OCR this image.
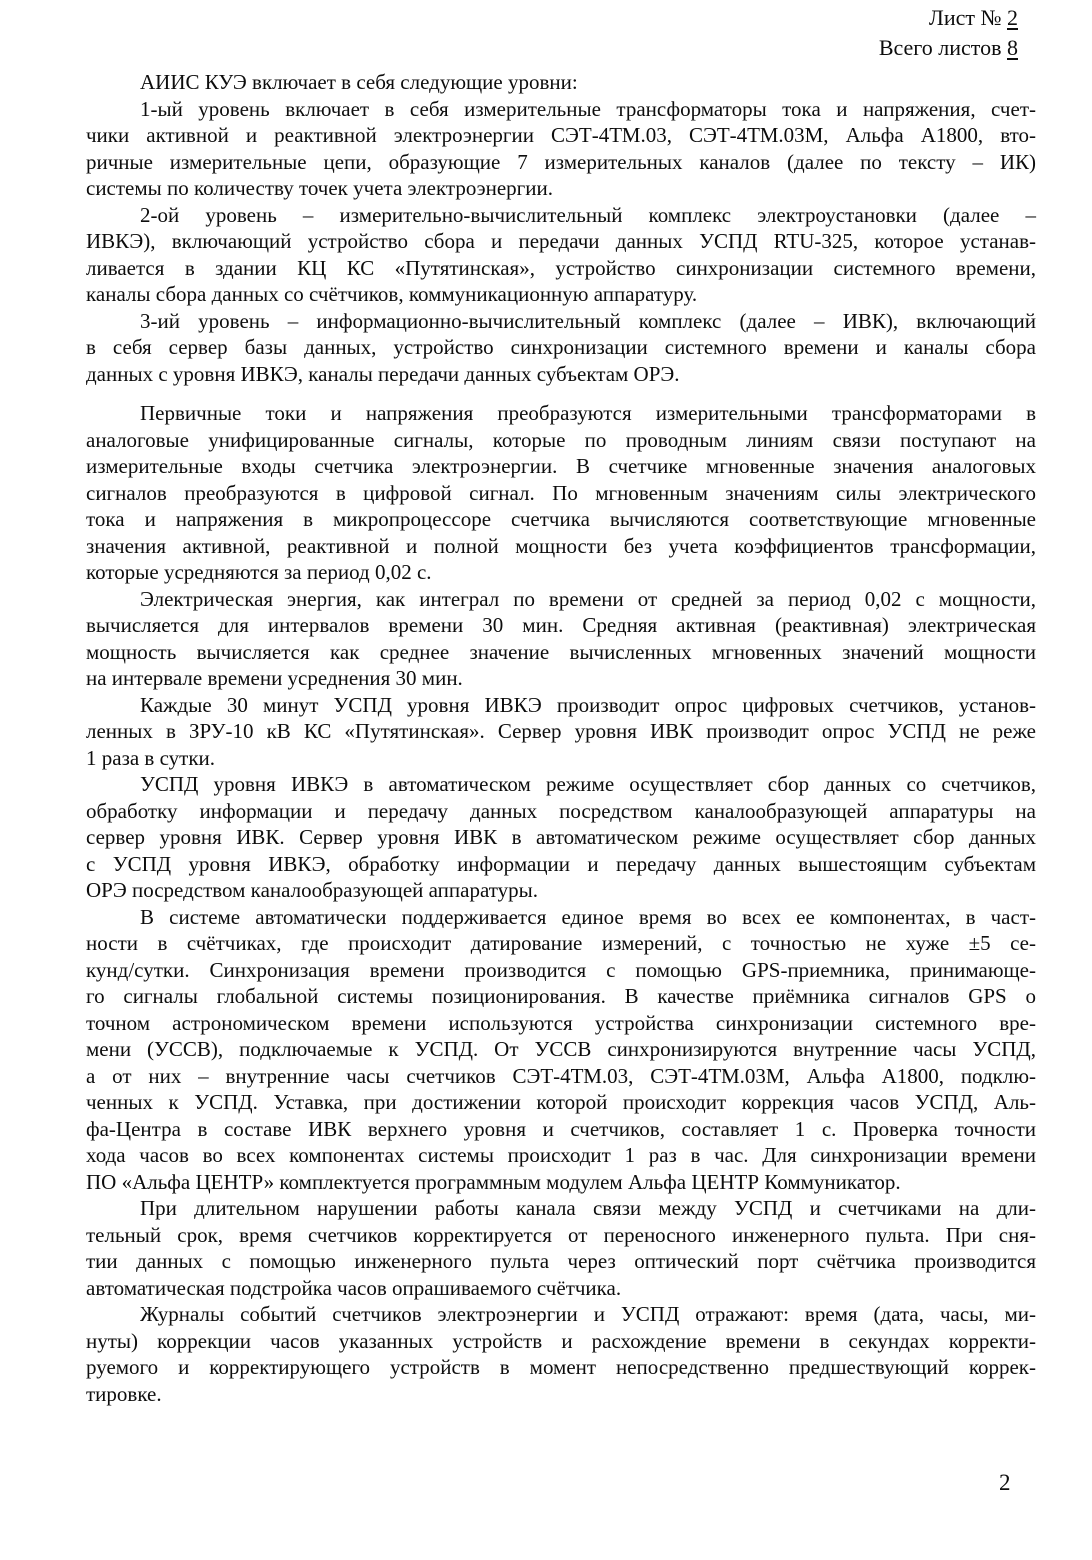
Лист № 2
Всего листов 8
АИИС КУЭ включает в себя следующие уровни:
1-ый уровень включает в себя измерительные трансформаторы тока и напряжения, счет-
чики активной и реактивной электроэнергии СЭТ-4ТМ.03, СЭТ-4ТМ.03М, Альфа А1800, вто-
ричные измерительные цепи, образующие 7 измерительных каналов (далее по тексту – ИК)
системы по количеству точек учета электроэнергии.
2-ой уровень – измерительно-вычислительный комплекс электроустановки (далее –
ИВКЭ), включающий устройство сбора и передачи данных УСПД RTU-325, которое устанав-
ливается в здании КЦ КС «Путятинская», устройство синхронизации системного времени,
каналы сбора данных со счётчиков, коммуникационную аппаратуру.
3-ий уровень – информационно-вычислительный комплекс (далее – ИВК), включающий
в себя сервер базы данных, устройство синхронизации системного времени и каналы сбора
данных с уровня ИВКЭ, каналы передачи данных субъектам ОРЭ.
Первичные токи и напряжения преобразуются измерительными трансформаторами в
аналоговые унифицированные сигналы, которые по проводным линиям связи поступают на
измерительные входы счетчика электроэнергии. В счетчике мгновенные значения аналоговых
сигналов преобразуются в цифровой сигнал. По мгновенным значениям силы электрического
тока и напряжения в микропроцессоре счетчика вычисляются соответствующие мгновенные
значения активной, реактивной и полной мощности без учета коэффициентов трансформации,
которые усредняются за период 0,02 с.
Электрическая энергия, как интеграл по времени от средней за период 0,02 с мощности,
вычисляется для интервалов времени 30 мин. Средняя активная (реактивная) электрическая
мощность вычисляется как среднее значение вычисленных мгновенных значений мощности
на интервале времени усреднения 30 мин.
Каждые 30 минут УСПД уровня ИВКЭ производит опрос цифровых счетчиков, установ-
ленных в ЗРУ-10 кВ КС «Путятинская». Сервер уровня ИВК производит опрос УСПД не реже
1 раза в сутки.
УСПД уровня ИВКЭ в автоматическом режиме осуществляет сбор данных со счетчиков,
обработку информации и передачу данных посредством каналообразующей аппаратуры на
сервер уровня ИВК. Сервер уровня ИВК в автоматическом режиме осуществляет сбор данных
с УСПД уровня ИВКЭ, обработку информации и передачу данных вышестоящим субъектам
ОРЭ посредством каналообразующей аппаратуры.
В системе автоматически поддерживается единое время во всех ее компонентах, в част-
ности в счётчиках, где происходит датирование измерений, с точностью не хуже ±5 се-
кунд/сутки. Синхронизация времени производится с помощью GPS-приемника, принимающе-
го сигналы глобальной системы позиционирования. В качестве приёмника сигналов GPS о
точном астрономическом времени используются устройства синхронизации системного вре-
мени (УССВ), подключаемые к УСПД. От УССВ синхронизируются внутренние часы УСПД,
а от них – внутренние часы счетчиков СЭТ-4ТМ.03, СЭТ-4ТМ.03М, Альфа А1800, подклю-
ченных к УСПД. Уставка, при достижении которой происходит коррекция часов УСПД, Аль-
фа-Центра в составе ИВК верхнего уровня и счетчиков, составляет 1 с. Проверка точности
хода часов во всех компонентах системы происходит 1 раз в час. Для синхронизации времени
ПО «Альфа ЦЕНТР» комплектуется программным модулем Альфа ЦЕНТР Коммуникатор.
При длительном нарушении работы канала связи между УСПД и счетчиками на дли-
тельный срок, время счетчиков корректируется от переносного инженерного пульта. При сня-
тии данных с помощью инженерного пульта через оптический порт счётчика производится
автоматическая подстройка часов опрашиваемого счётчика.
Журналы событий счетчиков электроэнергии и УСПД отражают: время (дата, часы, ми-
нуты) коррекции часов указанных устройств и расхождение времени в секундах корректи-
руемого и корректирующего устройств в момент непосредственно предшествующий коррек-
тировке.
2
